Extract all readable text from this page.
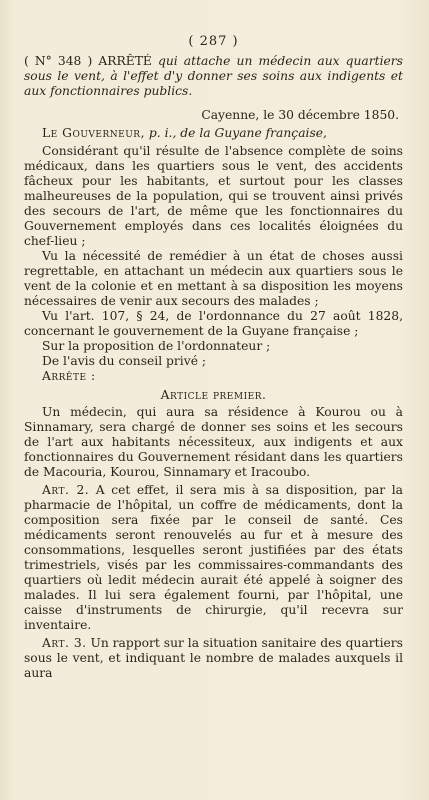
( 287 )

( N° 348 ) ARRÊTÉ qui attache un médecin aux quartiers sous le vent, à l'effet d'y donner ses soins aux indigents et aux fonctionnaires publics.

Cayenne, le 30 décembre 1850.

Le Gouverneur, p. i., de la Guyane française,

Considérant qu'il résulte de l'absence complète de soins médicaux, dans les quartiers sous le vent, des accidents fâcheux pour les habitants, et surtout pour les classes malheureuses de la population, qui se trouvent ainsi privés des secours de l'art, de même que les fonctionnaires du Gouvernement employés dans ces localités éloignées du chef-lieu ;

Vu la nécessité de remédier à un état de choses aussi regrettable, en attachant un médecin aux quartiers sous le vent de la colonie et en mettant à sa disposition les moyens nécessaires de venir aux secours des malades ;

Vu l'art. 107, § 24, de l'ordonnance du 27 août 1828, concernant le gouvernement de la Guyane française ;

Sur la proposition de l'ordonnateur ;

De l'avis du conseil privé ;

Arrête :

Article premier.

Un médecin, qui aura sa résidence à Kourou ou à Sinnamary, sera chargé de donner ses soins et les secours de l'art aux habitants nécessiteux, aux indigents et aux fonctionnaires du Gouvernement résidant dans les quartiers de Macouria, Kourou, Sinnamary et Iracoubo.

Art. 2. A cet effet, il sera mis à sa disposition, par la pharmacie de l'hôpital, un coffre de médicaments, dont la composition sera fixée par le conseil de santé. Ces médicaments seront renouvelés au fur et à mesure des consommations, lesquelles seront justifiées par des états trimestriels, visés par les commissaires-commandants des quartiers où ledit médecin aurait été appelé à soigner des malades. Il lui sera également fourni, par l'hôpital, une caisse d'instruments de chirurgie, qu'il recevra sur inventaire.

Art. 3. Un rapport sur la situation sanitaire des quartiers sous le vent, et indiquant le nombre de malades auxquels il aura
